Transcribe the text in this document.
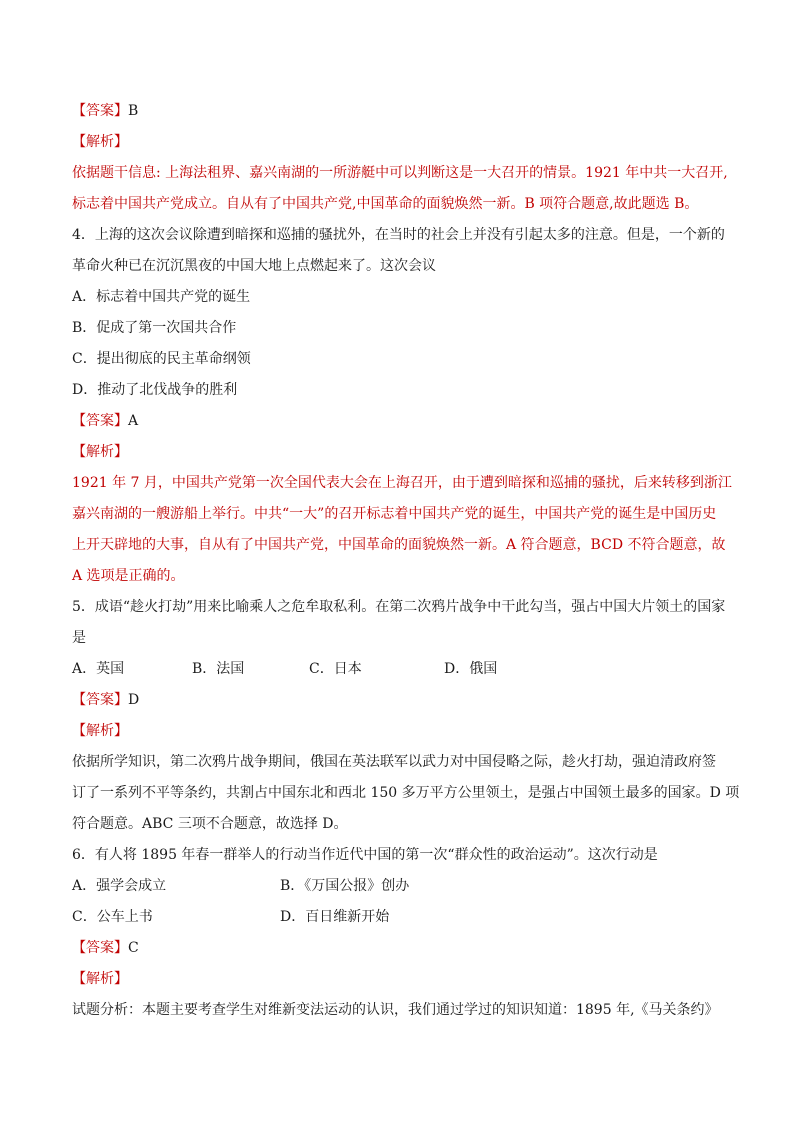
【答案】B
【解析】
依据题干信息: 上海法租界、嘉兴南湖的一所游艇中可以判断这是一大召开的情景。1921 年中共一大召开,
标志着中国共产党成立。自从有了中国共产党,中国革命的面貌焕然一新。B 项符合题意,故此题选 B。
4．上海的这次会议除遭到暗探和巡捕的骚扰外，在当时的社会上并没有引起太多的注意。但是，一个新的
革命火种已在沉沉黑夜的中国大地上点燃起来了。这次会议
A．标志着中国共产党的诞生
B．促成了第一次国共合作
C．提出彻底的民主革命纲领
D．推动了北伐战争的胜利
【答案】A
【解析】
1921 年 7 月，中国共产党第一次全国代表大会在上海召开，由于遭到暗探和巡捕的骚扰，后来转移到浙江
嘉兴南湖的一艘游船上举行。中共“一大”的召开标志着中国共产党的诞生，中国共产党的诞生是中国历史
上开天辟地的大事，自从有了中国共产党，中国革命的面貌焕然一新。A 符合题意，BCD 不符合题意，故
A 选项是正确的。
5．成语“趁火打劫”用来比喻乘人之危牟取私利。在第二次鸦片战争中干此勾当，强占中国大片领土的国家
是
A．英国	B．法国	C．日本	D．俄国
【答案】D
【解析】
依据所学知识，第二次鸦片战争期间，俄国在英法联军以武力对中国侵略之际，趁火打劫，强迫清政府签
订了一系列不平等条约，共割占中国东北和西北 150 多万平方公里领土，是强占中国领土最多的国家。D 项
符合题意。ABC 三项不合题意，故选择 D。
6．有人将 1895 年春一群举人的行动当作近代中国的第一次“群众性的政治运动”。这次行动是
A．强学会成立	B．《万国公报》创办
C．公车上书	D．百日维新开始
【答案】C
【解析】
试题分析：本题主要考查学生对维新变法运动的认识，我们通过学过的知识知道：1895 年,《马关条约》
